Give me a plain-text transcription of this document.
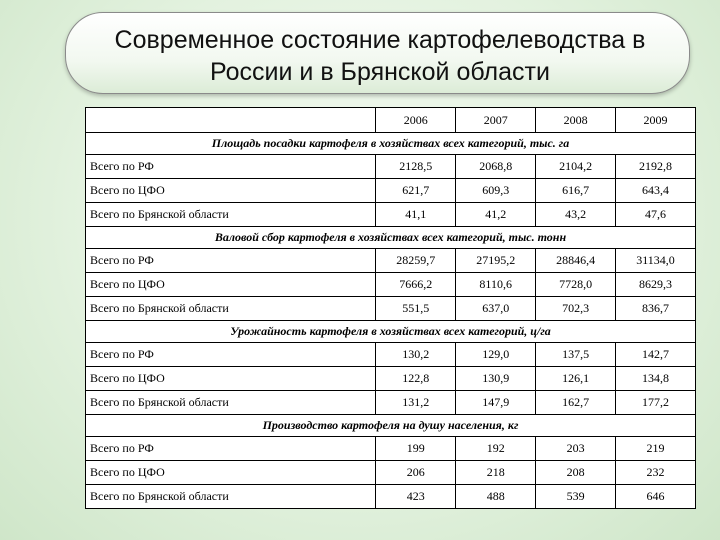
Современное состояние картофелеводства в
России и в Брянской области
	2006	2007	2008	2009
Площадь посадки картофеля в хозяйствах всех категорий, тыс. га				
Всего по РФ	2128,5	2068,8	2104,2	2192,8
Всего по ЦФО	621,7	609,3	616,7	643,4
Всего по Брянской области	41,1	41,2	43,2	47,6
Валовой сбор картофеля в хозяйствах всех категорий, тыс. тонн				
Всего по РФ	28259,7	27195,2	28846,4	31134,0
Всего по ЦФО	7666,2	8110,6	7728,0	8629,3
Всего по Брянской области	551,5	637,0	702,3	836,7
Урожайность картофеля в хозяйствах всех категорий, ц/га				
Всего по РФ	130,2	129,0	137,5	142,7
Всего по ЦФО	122,8	130,9	126,1	134,8
Всего по Брянской области	131,2	147,9	162,7	177,2
Производство картофеля на душу населения, кг				
Всего по РФ	199	192	203	219
Всего по ЦФО	206	218	208	232
Всего по Брянской области	423	488	539	646
